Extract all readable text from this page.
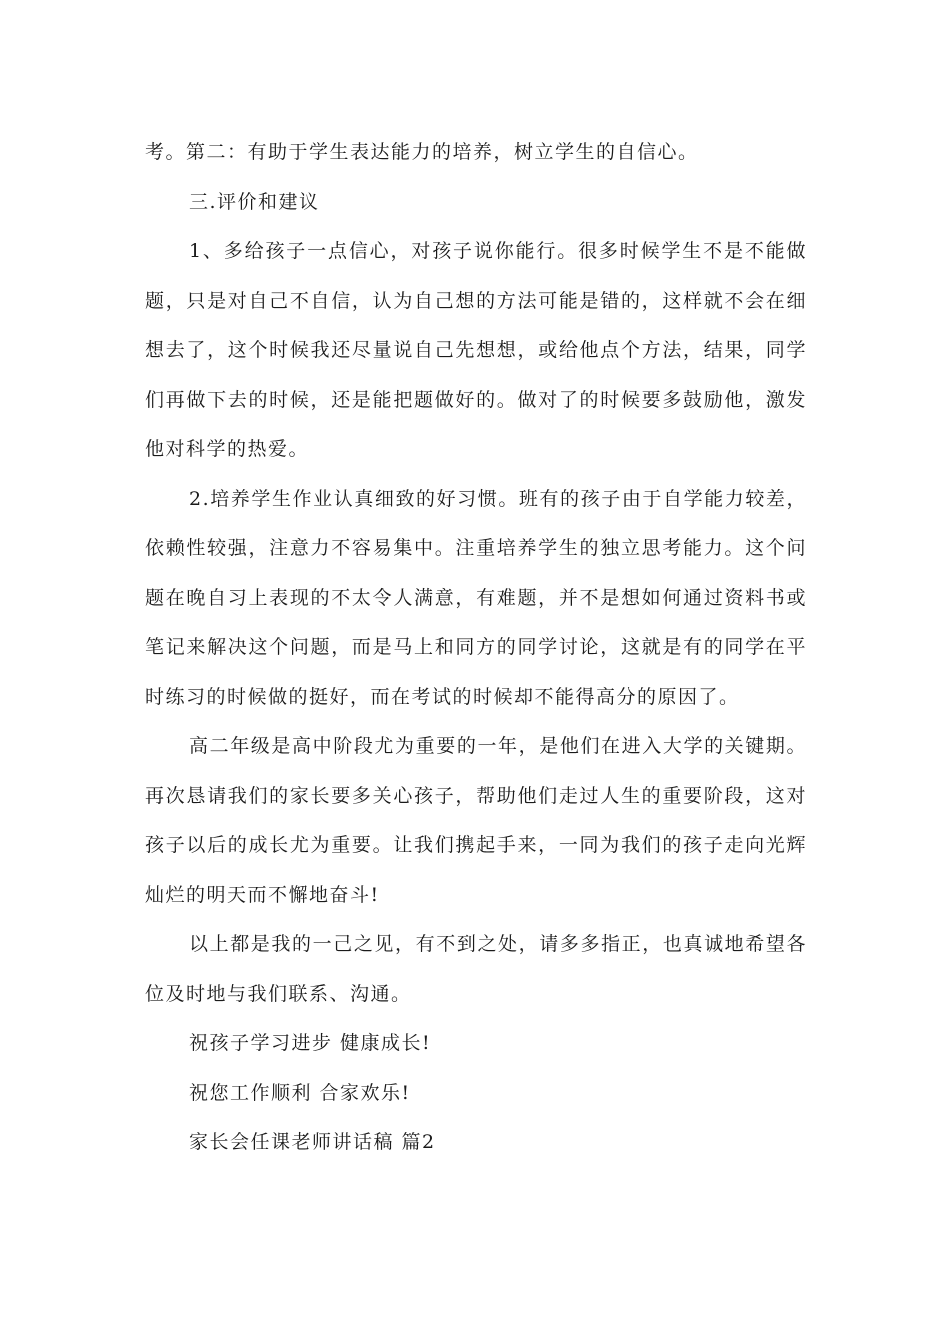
考。第二：有助于学生表达能力的培养，树立学生的自信心。

三.评价和建议

1、多给孩子一点信心，对孩子说你能行。很多时候学生不是不能做题，只是对自己不自信，认为自己想的方法可能是错的，这样就不会在细想去了，这个时候我还尽量说自己先想想，或给他点个方法，结果，同学们再做下去的时候，还是能把题做好的。做对了的时候要多鼓励他，激发他对科学的热爱。

2.培养学生作业认真细致的好习惯。班有的孩子由于自学能力较差，依赖性较强，注意力不容易集中。注重培养学生的独立思考能力。这个问题在晚自习上表现的不太令人满意，有难题，并不是想如何通过资料书或笔记来解决这个问题，而是马上和同方的同学讨论，这就是有的同学在平时练习的时候做的挺好，而在考试的时候却不能得高分的原因了。

高二年级是高中阶段尤为重要的一年，是他们在进入大学的关键期。再次恳请我们的家长要多关心孩子，帮助他们走过人生的重要阶段，这对孩子以后的成长尤为重要。让我们携起手来，一同为我们的孩子走向光辉灿烂的明天而不懈地奋斗!

以上都是我的一己之见，有不到之处，请多多指正，也真诚地希望各位及时地与我们联系、沟通。

祝孩子学习进步 健康成长!

祝您工作顺利 合家欢乐!

家长会任课老师讲话稿 篇2
